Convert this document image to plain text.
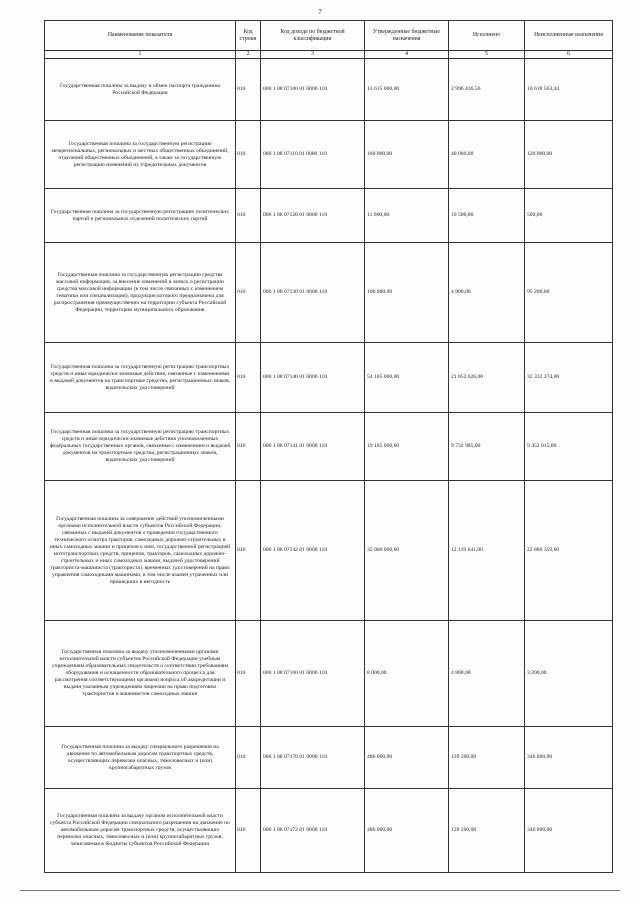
7
Наименование показателя	Код строки	Код дохода по бюджетной классификации	Утвержденные бюджетные назначения	Исполнено	Неисполненные назначения
1	2	3	4	5	6
Государственная пошлина за выдачу и обмен паспорта гражданина Российской Федерации	010	000 1 08 07100 01 0000 110	13 615 000,00	2 996 436,56	10 618 563,44
Государственная пошлина за государственную регистрацию межрегиональных, региональных и местных общественных объединений, отделений общественных объединений, а также за государственную регистрацию изменений их учредительных документов	010	000 1 08 07110 01 0000 110	160 000,00	40 000,00	120 000,00
Государственная пошлина за государственную регистрацию политических партий и региональных отделений политических партий	010	000 1 08 07120 01 0000 110	11 000,00	10 500,00	500,00
Государственная пошлина за государственную регистрацию средства массовой информации, за внесение изменений в запись о регистрации средства массовой информации (в том числе связанных с изменением тематики или специализации), продукция которого предназначена для распространения преимущественно на территории субъекта Российской Федерации, территории муниципального образования	010	000 1 08 07130 01 0000 110	100 000,00	4 800,00	95 200,00
Государственная пошлина за государственную регистрацию транспортных средств и иные юридически значимые действия, связанные с изменениями и выдачей документов на транспортные средства, регистрационных знаков, водительских удостоверений	010	000 1 08 07140 01 0000 110	54 185 000,00	21 852 626,00	32 332 374,00
Государственная пошлина за государственную регистрацию транспортных средств и иные юридически значимые действия уполномоченных федеральных государственных органов, связанные с изменением и выдачей документов на транспортные средства, регистрационных знаков, водительских удостоверений	010	000 1 08 07141 01 0000 110	19 185 000,00	9 732 985,00	9 452 015,00
Государственная пошлина за совершение действий уполномоченными органами исполнительной власти субъектов Российской Федерации, связанных с выдачей документов о проведении государственного технического осмотра тракторов, самоходных дорожно-строительных и иных самоходных машин и прицепов к ним, государственной регистрацией мототранспортных средств, прицепов, тракторов, самоходных дорожно-строительных и иных самоходных машин, выдачей удостоверений тракториста-машиниста (тракториста), временных удостоверений на право управления самоходными машинами, в том числе взамен утраченных или пришедших в негодность	010	000 1 08 07142 01 0000 110	35 000 000,00	12 119 641,00	22 880 359,00
Государственная пошлина за выдачу уполномоченными органами исполнительной власти субъектов Российской Федерации учебным учреждениям образовательных свидетельств о соответствии требованиям оборудования и оснащенности образовательного процесса для рассмотрения соответствующими органами вопроса об аккредитации и выдачи указанным учреждениям лицензии на право подготовки трактористов и машинистов самоходных машин	010	000 1 08 07160 01 0000 110	8 000,00	4 800,00	3 200,00
Государственная пошлина за выдачу специального разрешения на движение по автомобильным дорогам транспортных средств, осуществляющих перевозки опасных, тяжеловесных и (или) крупногабаритных грузов	010	000 1 08 07170 01 0000 110	486 000,00	139 200,00	346 800,00
Государственная пошлина за выдачу органом исполнительной власти субъекта Российской Федерации специального разрешения на движение по автомобильным дорогам транспортных средств, осуществляющих перевозки опасных, тяжеловесных и (или) крупногабаритных грузов, зачисляемая в бюджеты субъектов Российской Федерации	010	000 1 08 07172 01 0000 110	486 000,00	139 200,00	346 800,00
